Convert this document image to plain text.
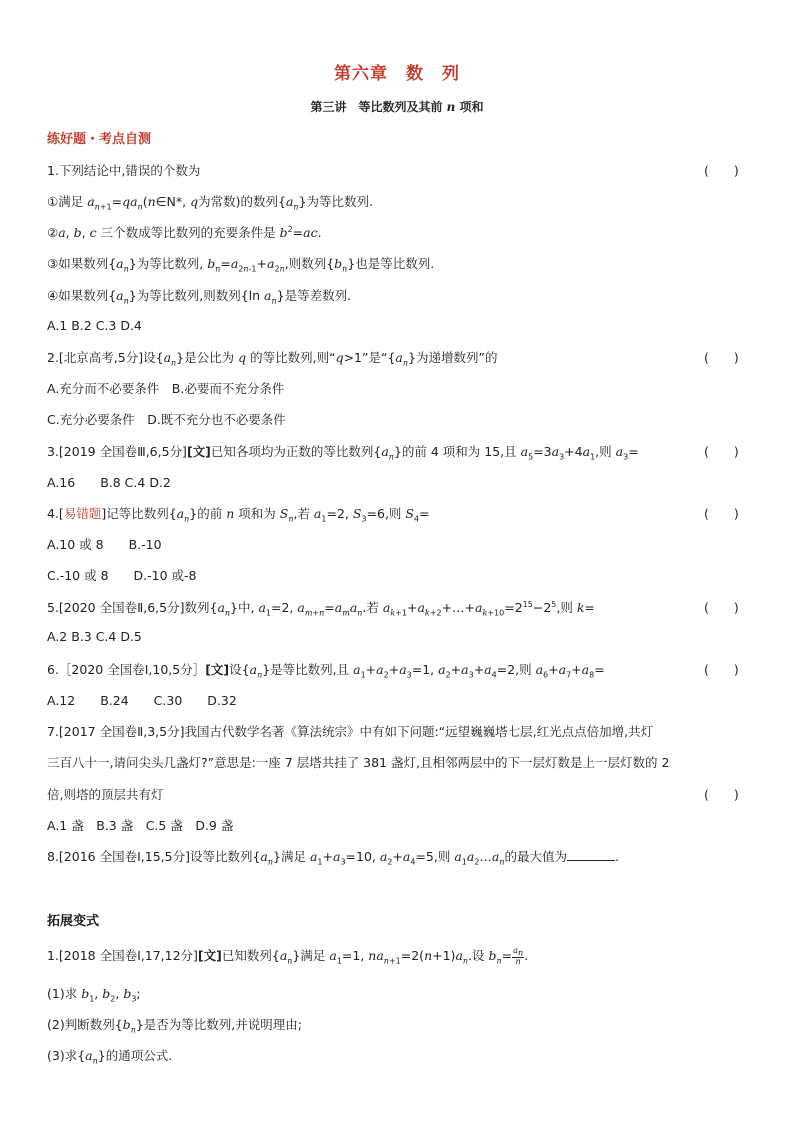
第六章　数　列
第三讲　等比数列及其前 n 项和
练好题・考点自测
1.下列结论中,错误的个数为	(　　)
①满足 $a_{n+1}=qa_n(n\in N*$, q为常数)的数列$\{a_n\}$为等比数列.
②a, b, c 三个数成等比数列的充要条件是 $b^2=ac$.
③如果数列$\{a_n\}$为等比数列, $b_n=a_{2n-1}+a_{2n}$,则数列$\{b_n\}$也是等比数列.
④如果数列$\{a_n\}$为等比数列,则数列{ln $a_n$}是等差数列.
A.1 B.2 C.3 D.4
2.[北京高考,5分]设$\{a_n\}$是公比为 q 的等比数列,则“q>1”是“$\{a_n\}$为递增数列”的	(　　)
A.充分而不必要条件　B.必要而不充分条件
C.充分必要条件　D.既不充分也不必要条件
3.[2019 全国卷Ⅲ,6,5分][文]已知各项均为正数的等比数列$\{a_n\}$的前 4 项和为 15,且 $a_5=3a_3+4a_1$,则 $a_3=$	(　　)
A.16　　B.8 C.4 D.2
4.[易错题]记等比数列$\{a_n\}$的前 n 项和为 $S_n$,若 $a_1=2$, $S_3=6$,则 $S_4=$	(　　)
A.10 或 8　　B.-10
C.-10 或 8　　D.-10 或-8
5.[2020 全国卷Ⅱ,6,5分]数列$\{a_n\}$中, $a_1=2$, $a_{m+n}=a_ma_n$.若 $a_{k+1}+a_{k+2}+\dots+a_{k+10}=2^{15}-2^5$,则 k=	(　　)
A.2 B.3 C.4 D.5
6.［2020 全国卷Ⅰ,10,5分］[文]设$\{a_n\}$是等比数列,且 $a_1+a_2+a_3=1$, $a_2+a_3+a_4=2$,则 $a_6+a_7+a_8=$	(　　)
A.12　　B.24　　C.30　　D.32
7.[2017 全国卷Ⅱ,3,5分]我国古代数学名著《算法统宗》中有如下问题:“远望巍巍塔七层,红光点点倍加增,共灯
三百八十一,请问尖头几盏灯?”意思是:一座 7 层塔共挂了 381 盏灯,且相邻两层中的下一层灯数是上一层灯数的 2
倍,则塔的顶层共有灯	(　　)
A.1 盏　B.3 盏　C.5 盏　D.9 盏
8.[2016 全国卷Ⅰ,15,5分]设等比数列$\{a_n\}$满足 $a_1+a_3=10$, $a_2+a_4=5$,则 $a_1a_2\dots a_n$的最大值为	.
拓展变式
1.[2018 全国卷Ⅰ,17,12分][文]已知数列$\{a_n\}$满足 $a_1=1$, $na_{n+1}=2(n+1)a_n$.设 $b_n= \frac{a_n}{n}$ .
(1)求 $b_1$, $b_2$, $b_3$;
(2)判断数列$\{b_n\}$是否为等比数列,并说明理由;
(3)求$\{a_n\}$的通项公式.
